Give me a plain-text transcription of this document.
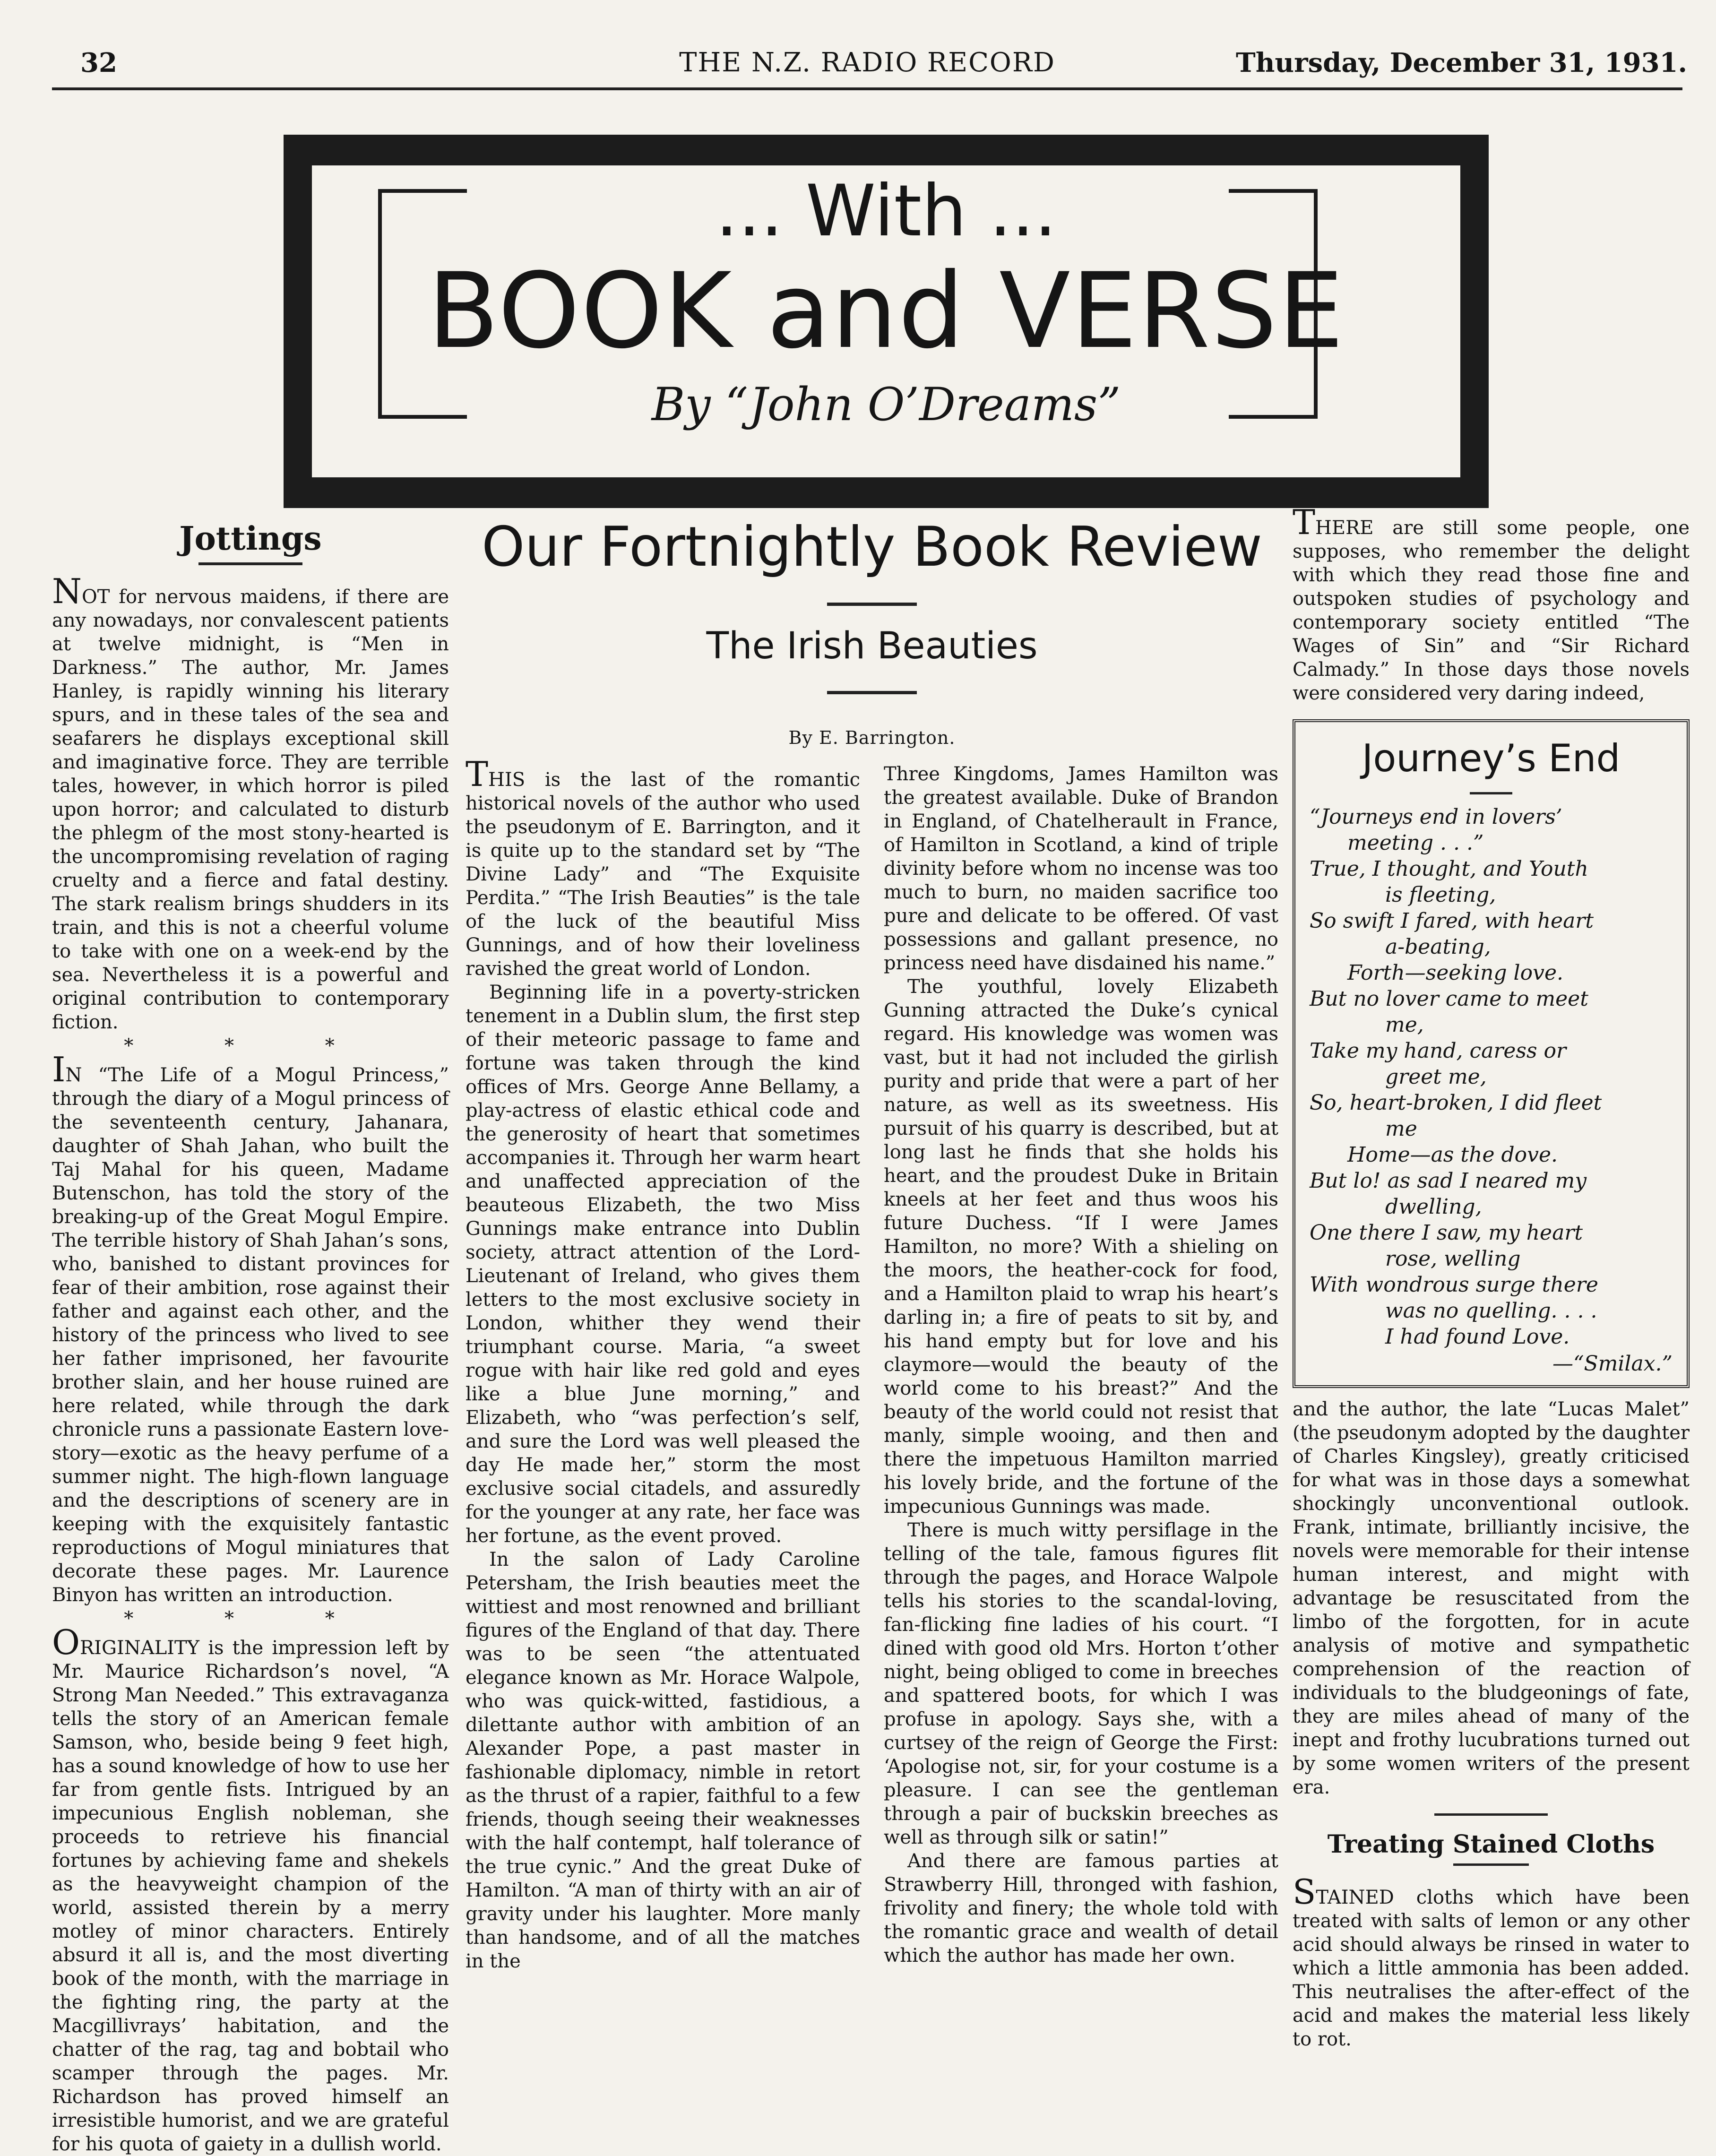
32	THE N.Z. RADIO RECORD	Thursday, December 31, 1931.
... With ...
BOOK and VERSE
By “John O’Dreams”
Jottings

NOT for nervous maidens, if there are any nowadays, nor convalescent patients at twelve midnight, is “Men in Darkness.” The author, Mr. James Hanley, is rapidly winning his literary spurs, and in these tales of the sea and seafarers he displays exceptional skill and imaginative force. They are terrible tales, however, in which horror is piled upon horror; and calculated to disturb the phlegm of the most stony-hearted is the uncompromising revelation of raging cruelty and a fierce and fatal destiny. The stark realism brings shudders in its train, and this is not a cheerful volume to take with one on a week-end by the sea. Nevertheless it is a powerful and original contribution to contemporary fiction.

* * *

IN “The Life of a Mogul Princess,” through the diary of a Mogul princess of the seventeenth century, Jahanara, daughter of Shah Jahan, who built the Taj Mahal for his queen, Madame Butenschon, has told the story of the breaking-up of the Great Mogul Empire. The terrible history of Shah Jahan’s sons, who, banished to distant provinces for fear of their ambition, rose against their father and against each other, and the history of the princess who lived to see her father imprisoned, her favourite brother slain, and her house ruined are here related, while through the dark chronicle runs a passionate Eastern love-story—exotic as the heavy perfume of a summer night. The high-flown language and the descriptions of scenery are in keeping with the exquisitely fantastic reproductions of Mogul miniatures that decorate these pages. Mr. Laurence Binyon has written an introduction.

* * *

ORIGINALITY is the impression left by Mr. Maurice Richardson’s novel, “A Strong Man Needed.” This extravaganza tells the story of an American female Samson, who, beside being 9 feet high, has a sound knowledge of how to use her far from gentle fists. Intrigued by an impecunious English nobleman, she proceeds to retrieve his financial fortunes by achieving fame and shekels as the heavyweight champion of the world, assisted therein by a merry motley of minor characters. Entirely absurd it all is, and the most diverting book of the month, with the marriage in the fighting ring, the party at the Macgillivrays’ habitation, and the chatter of the rag, tag and bobtail who scamper through the pages. Mr. Richardson has proved himself an irresistible humorist, and we are grateful for his quota of gaiety in a dullish world.

Our Fortnightly Book Review
The Irish Beauties
By E. Barrington.

THIS is the last of the romantic historical novels of the author who used the pseudonym of E. Barrington, and it is quite up to the standard set by “The Divine Lady” and “The Exquisite Perdita.” “The Irish Beauties” is the tale of the luck of the beautiful Miss Gunnings, and of how their loveliness ravished the great world of London.

Beginning life in a poverty-stricken tenement in a Dublin slum, the first step of their meteoric passage to fame and fortune was taken through the kind offices of Mrs. George Anne Bellamy, a play-actress of elastic ethical code and the generosity of heart that sometimes accompanies it. Through her warm heart and unaffected appreciation of the beauteous Elizabeth, the two Miss Gunnings make entrance into Dublin society, attract attention of the Lord-Lieutenant of Ireland, who gives them letters to the most exclusive society in London, whither they wend their triumphant course. Maria, “a sweet rogue with hair like red gold and eyes like a blue June morning,” and Elizabeth, who “was perfection’s self, and sure the Lord was well pleased the day He made her,” storm the most exclusive social citadels, and assuredly for the younger at any rate, her face was her fortune, as the event proved.

In the salon of Lady Caroline Petersham, the Irish beauties meet the wittiest and most renowned and brilliant figures of the England of that day. There was to be seen “the attentuated elegance known as Mr. Horace Walpole, who was quick-witted, fastidious, a dilettante author with ambition of an Alexander Pope, a past master in fashionable diplomacy, nimble in retort as the thrust of a rapier, faithful to a few friends, though seeing their weaknesses with the half contempt, half tolerance of the true cynic.” And the great Duke of Hamilton. “A man of thirty with an air of gravity under his laughter. More manly than handsome, and of all the matches in the

Three Kingdoms, James Hamilton was the greatest available. Duke of Brandon in England, of Chatelherault in France, of Hamilton in Scotland, a kind of triple divinity before whom no incense was too much to burn, no maiden sacrifice too pure and delicate to be offered. Of vast possessions and gallant presence, no princess need have disdained his name.”

The youthful, lovely Elizabeth Gunning attracted the Duke’s cynical regard. His knowledge was women was vast, but it had not included the girlish purity and pride that were a part of her nature, as well as its sweetness. His pursuit of his quarry is described, but at long last he finds that she holds his heart, and the proudest Duke in Britain kneels at her feet and thus woos his future Duchess. “If I were James Hamilton, no more? With a shieling on the moors, the heather-cock for food, and a Hamilton plaid to wrap his heart’s darling in; a fire of peats to sit by, and his hand empty but for love and his claymore—would the beauty of the world come to his breast?” And the beauty of the world could not resist that manly, simple wooing, and then and there the impetuous Hamilton married his lovely bride, and the fortune of the impecunious Gunnings was made.

There is much witty persiflage in the telling of the tale, famous figures flit through the pages, and Horace Walpole tells his stories to the scandal-loving, fan-flicking fine ladies of his court. “I dined with good old Mrs. Horton t’other night, being obliged to come in breeches and spattered boots, for which I was profuse in apology. Says she, with a curtsey of the reign of George the First: ‘Apologise not, sir, for your costume is a pleasure. I can see the gentleman through a pair of buckskin breeches as well as through silk or satin!”

And there are famous parties at Strawberry Hill, thronged with fashion, frivolity and finery; the whole told with the romantic grace and wealth of detail which the author has made her own.

THERE are still some people, one supposes, who remember the delight with which they read those fine and outspoken studies of psychology and contemporary society entitled “The Wages of Sin” and “Sir Richard Calmady.” In those days those novels were considered very daring indeed,

Journey’s End
“Journeys end in lovers’
meeting . . .”
True, I thought, and Youth
is fleeting,
So swift I fared, with heart
a-beating,
Forth—seeking love.
But no lover came to meet
me,
Take my hand, caress or
greet me,
So, heart-broken, I did fleet
me
Home—as the dove.
But lo! as sad I neared my
dwelling,
One there I saw, my heart
rose, welling
With wondrous surge there
was no quelling. . . .
I had found Love.
—“Smilax.”

and the author, the late “Lucas Malet” (the pseudonym adopted by the daughter of Charles Kingsley), greatly criticised for what was in those days a somewhat shockingly unconventional outlook. Frank, intimate, brilliantly incisive, the novels were memorable for their intense human interest, and might with advantage be resuscitated from the limbo of the forgotten, for in acute analysis of motive and sympathetic comprehension of the reaction of individuals to the bludgeonings of fate, they are miles ahead of many of the inept and frothy lucubrations turned out by some women writers of the present era.

Treating Stained Cloths

STAINED cloths which have been treated with salts of lemon or any other acid should always be rinsed in water to which a little ammonia has been added. This neutralises the after-effect of the acid and makes the material less likely to rot.
